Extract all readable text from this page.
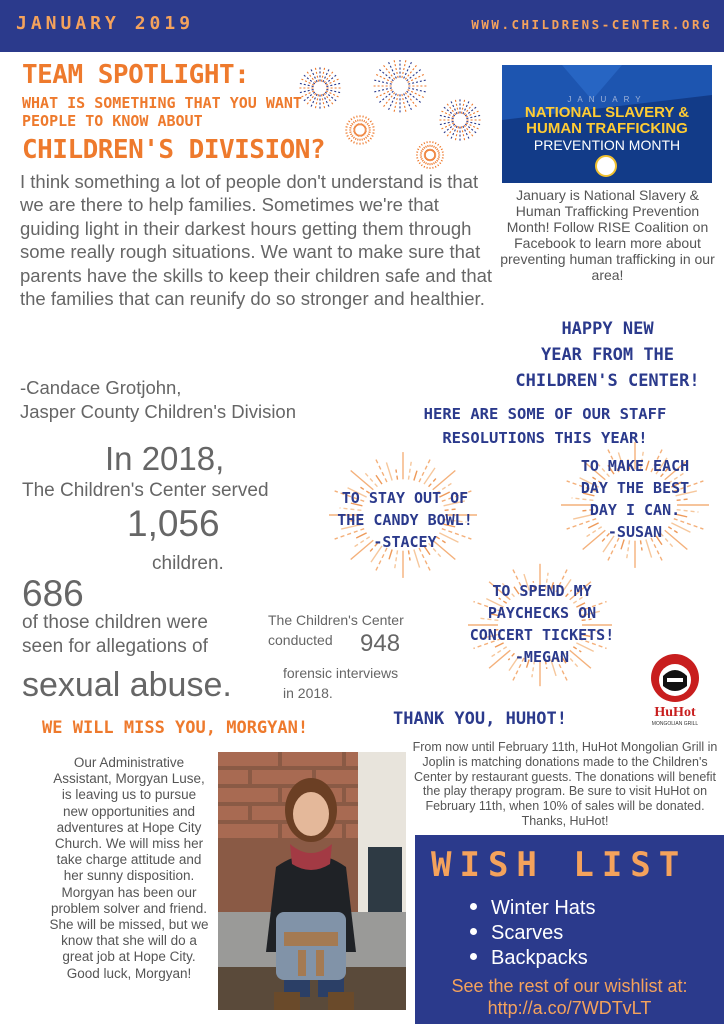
JANUARY 2019	WWW.CHILDRENS-CENTER.ORG
TEAM SPOTLIGHT:
WHAT IS SOMETHING THAT YOU WANT PEOPLE TO KNOW ABOUT
CHILDREN'S DIVISION?
I think something a lot of people don't understand is that we are there to help families. Sometimes we're that guiding light in their darkest hours getting them through some really rough situations. We want to make sure that parents have the skills to keep their children safe and that the families that can reunify do so stronger and healthier.
-Candace Grotjohn,
Jasper County Children's Division
JANUARY
NATIONAL SLAVERY &
HUMAN TRAFFICKING
PREVENTION MONTH
January is National Slavery & Human Trafficking Prevention Month! Follow RISE Coalition on Facebook to learn more about preventing human trafficking in our area!
HAPPY NEW
YEAR FROM THE
CHILDREN'S CENTER!
HERE ARE SOME OF OUR STAFF
RESOLUTIONS THIS YEAR!
TO STAY OUT OF
THE CANDY BOWL!
-STACEY
TO MAKE EACH
DAY THE BEST
DAY I CAN.
-SUSAN
TO SPEND MY
PAYCHECKS ON
CONCERT TICKETS!
-MEGAN
In 2018,
The Children's Center served
1,056
children.
686
of those children were
seen for allegations of
sexual abuse.
The Children's Center
conducted 948
forensic interviews
in 2018.
WE WILL MISS YOU, MORGYAN!
Our Administrative Assistant, Morgyan Luse, is leaving us to pursue new opportunities and adventures at Hope City Church. We will miss her take charge attitude and her sunny disposition. Morgyan has been our problem solver and friend. She will be missed, but we know that she will do a great job at Hope City.
Good luck, Morgyan!
THANK YOU, HUHOT!	HuHot
MONGOLIAN GRILL
From now until February 11th, HuHot Mongolian Grill in Joplin is matching donations made to the Children's Center by restaurant guests. The donations will benefit the play therapy program. Be sure to visit HuHot on February 11th, when 10% of sales will be donated. Thanks, HuHot!
WISH LIST
Winter Hats
Scarves
Backpacks
See the rest of our wishlist at:
http://a.co/7WDTvLT
